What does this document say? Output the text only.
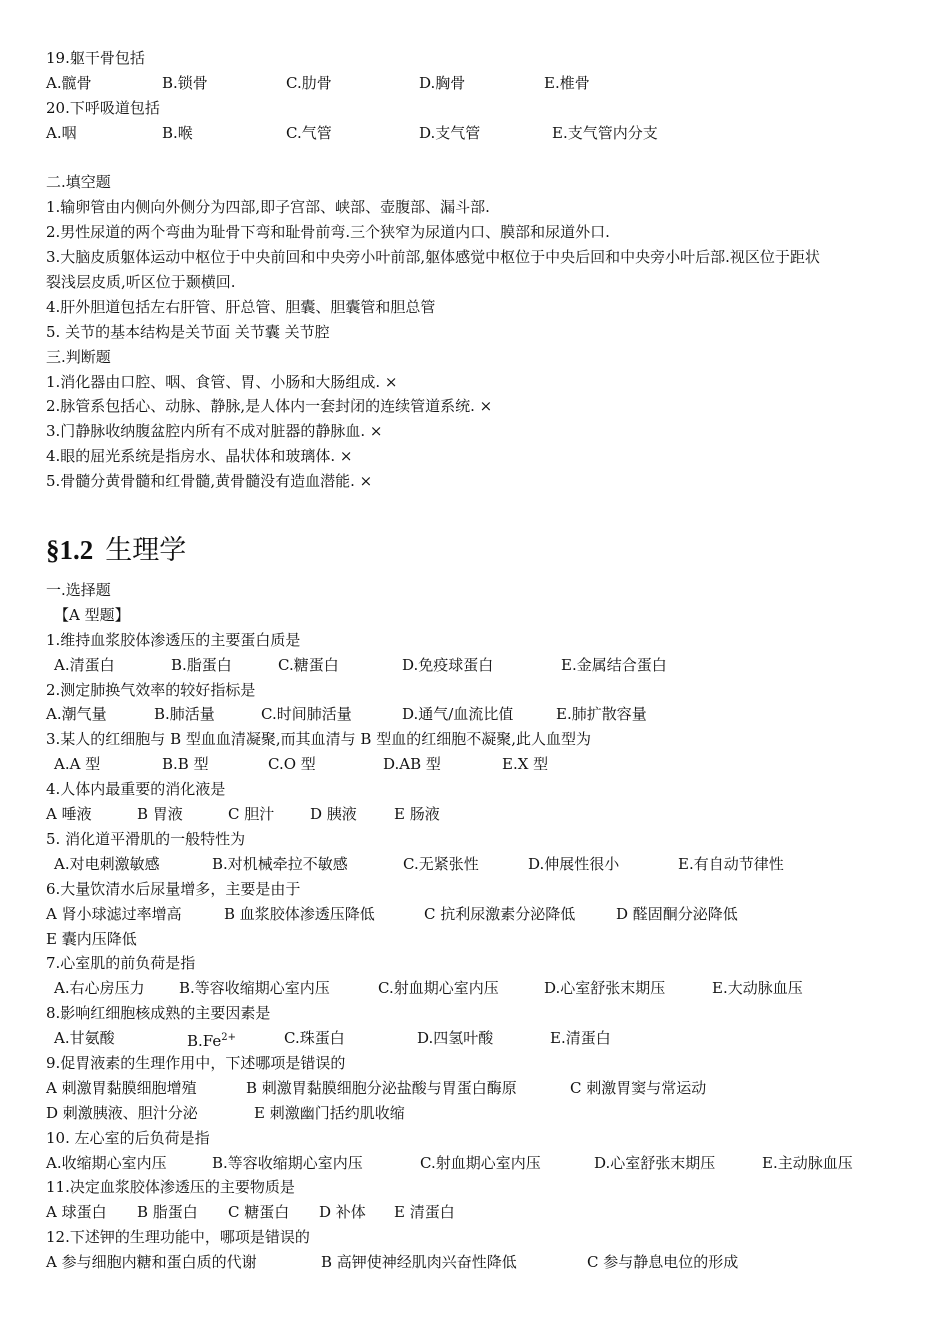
19.躯干骨包括
A.髋骨	B.锁骨	C.肋骨	D.胸骨	E.椎骨
20.下呼吸道包括
A.咽	B.喉	C.气管	D.支气管	E.支气管内分支
二.填空题
1.输卵管由内侧向外侧分为四部,即子宫部、峡部、壶腹部、漏斗部.
2.男性尿道的两个弯曲为耻骨下弯和耻骨前弯.三个狭窄为尿道内口、膜部和尿道外口.
3.大脑皮质躯体运动中枢位于中央前回和中央旁小叶前部,躯体感觉中枢位于中央后回和中央旁小叶后部.视区位于距状
裂浅层皮质,听区位于颞横回.
4.肝外胆道包括左右肝管、肝总管、胆囊、胆囊管和胆总管
5. 关节的基本结构是关节面 关节囊 关节腔
三.判断题
1.消化器由口腔、咽、食管、胃、小肠和大肠组成. ×
2.脉管系包括心、动脉、静脉,是人体内一套封闭的连续管道系统. ×
3.门静脉收纳腹盆腔内所有不成对脏器的静脉血. ×
4.眼的屈光系统是指房水、晶状体和玻璃体. ×
5.骨髓分黄骨髓和红骨髓,黄骨髓没有造血潜能. ×
§1.2 生理学
一.选择题
【A 型题】
1.维持血浆胶体渗透压的主要蛋白质是
A.清蛋白	B.脂蛋白	C.糖蛋白	D.免疫球蛋白	E.金属结合蛋白
2.测定肺换气效率的较好指标是
A.潮气量	B.肺活量	C.时间肺活量	D.通气/血流比值	E.肺扩散容量
3.某人的红细胞与 B 型血血清凝聚,而其血清与 B 型血的红细胞不凝聚,此人血型为
A.A 型	B.B 型	C.O 型	D.AB 型	E.X 型
4.人体内最重要的消化液是
A 唾液	B 胃液	C 胆汁 D 胰液 E 肠液
5. 消化道平滑肌的一般特性为
A.对电刺激敏感	B.对机械牵拉不敏感	C.无紧张性	D.伸展性很小	E.有自动节律性
6.大量饮清水后尿量增多，主要是由于
A 肾小球滤过率增高	B 血浆胶体渗透压降低	C 抗利尿激素分泌降低	D 醛固酮分泌降低
E 囊内压降低
7.心室肌的前负荷是指
A.右心房压力 B.等容收缩期心室内压	C.射血期心室内压	D.心室舒张末期压	E.大动脉血压
8.影响红细胞核成熟的主要因素是
A.甘氨酸	$B.Fe^{2+}$	C.珠蛋白	D.四氢叶酸	E.清蛋白
9.促胃液素的生理作用中，下述哪项是错误的
A 刺激胃黏膜细胞增殖	B 刺激胃黏膜细胞分泌盐酸与胃蛋白酶原	C 刺激胃窦与常运动
D 刺激胰液、胆汁分泌	E 刺激幽门括约肌收缩
10. 左心室的后负荷是指
A.收缩期心室内压	B.等容收缩期心室内压	C.射血期心室内压	D.心室舒张末期压	E.主动脉血压
11.决定血浆胶体渗透压的主要物质是
A 球蛋白 B 脂蛋白 C 糖蛋白 D 补体 E 清蛋白
12.下述钾的生理功能中，哪项是错误的
A 参与细胞内糖和蛋白质的代谢	B 高钾使神经肌肉兴奋性降低	C 参与静息电位的形成
